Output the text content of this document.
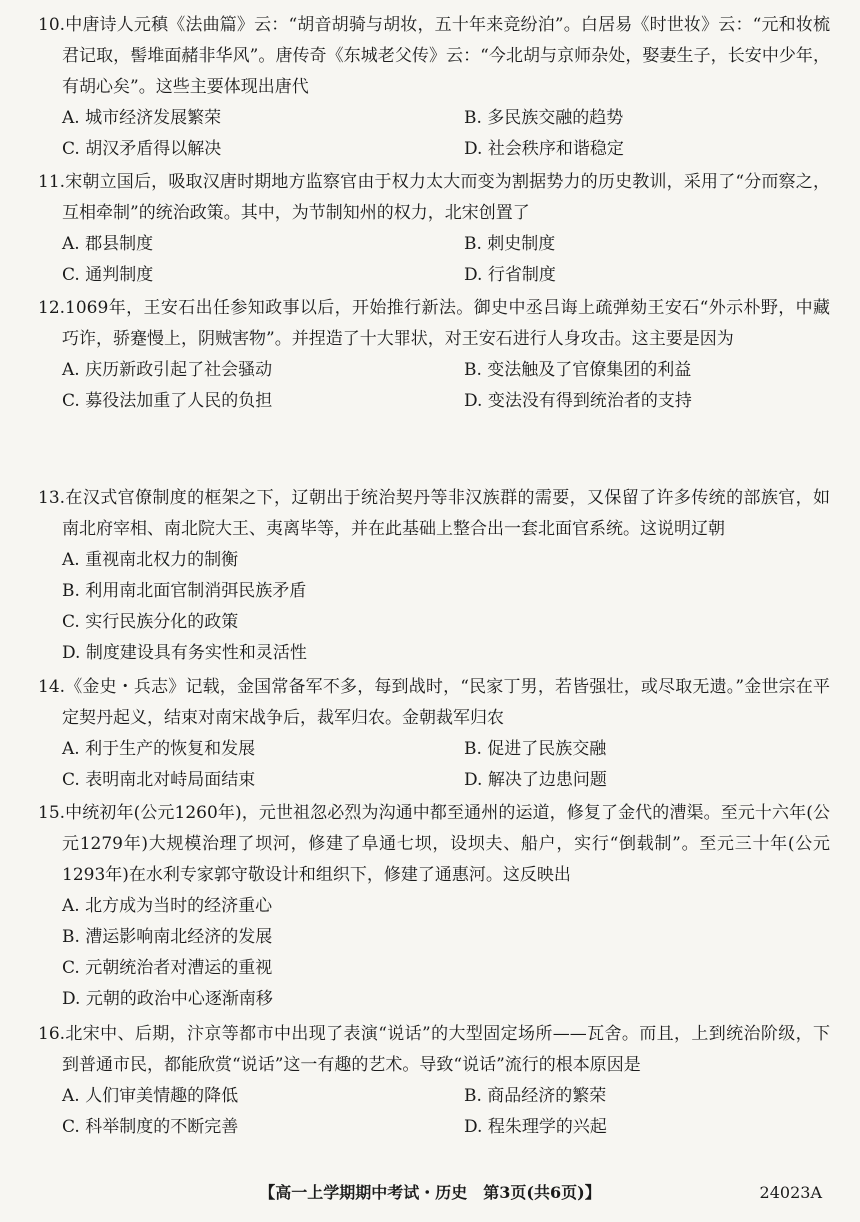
10.中唐诗人元稹《法曲篇》云：“胡音胡骑与胡妆，五十年来竞纷泊”。白居易《时世妆》云：“元和妆梳君记取，髻堆面赭非华风”。唐传奇《东城老父传》云：“今北胡与京师杂处，娶妻生子，长安中少年，有胡心矣”。这些主要体现出唐代

A. 城市经济发展繁荣	B. 多民族交融的趋势
C. 胡汉矛盾得以解决	D. 社会秩序和谐稳定

11.宋朝立国后，吸取汉唐时期地方监察官由于权力太大而变为割据势力的历史教训，采用了“分而察之，互相牵制”的统治政策。其中，为节制知州的权力，北宋创置了

A. 郡县制度	B. 刺史制度
C. 通判制度	D. 行省制度

12.1069年，王安石出任参知政事以后，开始推行新法。御史中丞吕诲上疏弹劾王安石“外示朴野，中藏巧诈，骄蹇慢上，阴贼害物”。并捏造了十大罪状，对王安石进行人身攻击。这主要是因为

A. 庆历新政引起了社会骚动	B. 变法触及了官僚集团的利益
C. 募役法加重了人民的负担	D. 变法没有得到统治者的支持

13.在汉式官僚制度的框架之下，辽朝出于统治契丹等非汉族群的需要，又保留了许多传统的部族官，如南北府宰相、南北院大王、夷离毕等，并在此基础上整合出一套北面官系统。这说明辽朝

A. 重视南北权力的制衡
B. 利用南北面官制消弭民族矛盾
C. 实行民族分化的政策
D. 制度建设具有务实性和灵活性

14.《金史・兵志》记载，金国常备军不多，每到战时，“民家丁男，若皆强壮，或尽取无遗。”金世宗在平定契丹起义，结束对南宋战争后，裁军归农。金朝裁军归农

A. 利于生产的恢复和发展	B. 促进了民族交融
C. 表明南北对峙局面结束	D. 解决了边患问题

15.中统初年(公元1260年)，元世祖忽必烈为沟通中都至通州的运道，修复了金代的漕渠。至元十六年(公元1279年)大规模治理了坝河，修建了阜通七坝，设坝夫、船户，实行“倒载制”。至元三十年(公元1293年)在水利专家郭守敬设计和组织下，修建了通惠河。这反映出

A. 北方成为当时的经济重心
B. 漕运影响南北经济的发展
C. 元朝统治者对漕运的重视
D. 元朝的政治中心逐渐南移

16.北宋中、后期，汴京等都市中出现了表演“说话”的大型固定场所——瓦舍。而且，上到统治阶级，下到普通市民，都能欣赏“说话”这一有趣的艺术。导致“说话”流行的根本原因是

A. 人们审美情趣的降低	B. 商品经济的繁荣
C. 科举制度的不断完善	D. 程朱理学的兴起
【高一上学期期中考试・历史　第3页(共6页)】	24023A
